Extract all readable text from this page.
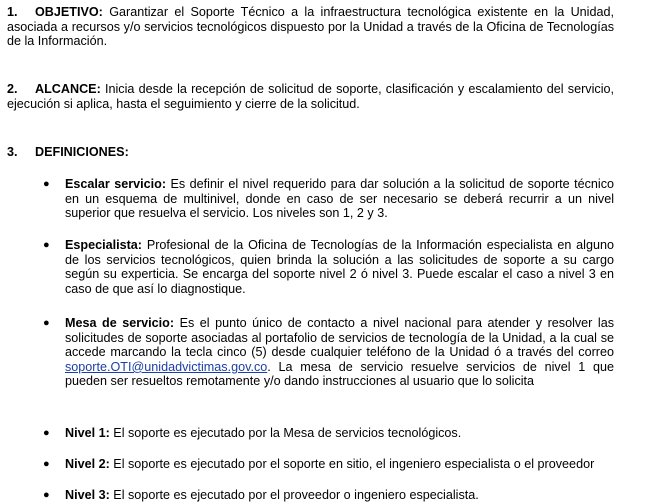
1. OBJETIVO: Garantizar el Soporte Técnico a la infraestructura tecnológica existente en la Unidad, asociada a recursos y/o servicios tecnológicos dispuesto por la Unidad a través de la Oficina de Tecnologías de la Información.

2. ALCANCE: Inicia desde la recepción de solicitud de soporte, clasificación y escalamiento del servicio, ejecución si aplica, hasta el seguimiento y cierre de la solicitud.

3. DEFINICIONES:

● Escalar servicio: Es definir el nivel requerido para dar solución a la solicitud de soporte técnico en un esquema de multinivel, donde en caso de ser necesario se deberá recurrir a un nivel superior que resuelva el servicio. Los niveles son 1, 2 y 3.

● Especialista: Profesional de la Oficina de Tecnologías de la Información especialista en alguno de los servicios tecnológicos, quien brinda la solución a las solicitudes de soporte a su cargo según su experticia. Se encarga del soporte nivel 2 ó nivel 3. Puede escalar el caso a nivel 3 en caso de que así lo diagnostique.

● Mesa de servicio: Es el punto único de contacto a nivel nacional para atender y resolver las solicitudes de soporte asociadas al portafolio de servicios de tecnología de la Unidad, a la cual se accede marcando la tecla cinco (5) desde cualquier teléfono de la Unidad ó a través del correo soporte.OTI@unidadvictimas.gov.co. La mesa de servicio resuelve servicios de nivel 1 que pueden ser resueltos remotamente y/o dando instrucciones al usuario que lo solicita

● Nivel 1: El soporte es ejecutado por la Mesa de servicios tecnológicos.

● Nivel 2: El soporte es ejecutado por el soporte en sitio, el ingeniero especialista o el proveedor

● Nivel 3: El soporte es ejecutado por el proveedor o ingeniero especialista.
